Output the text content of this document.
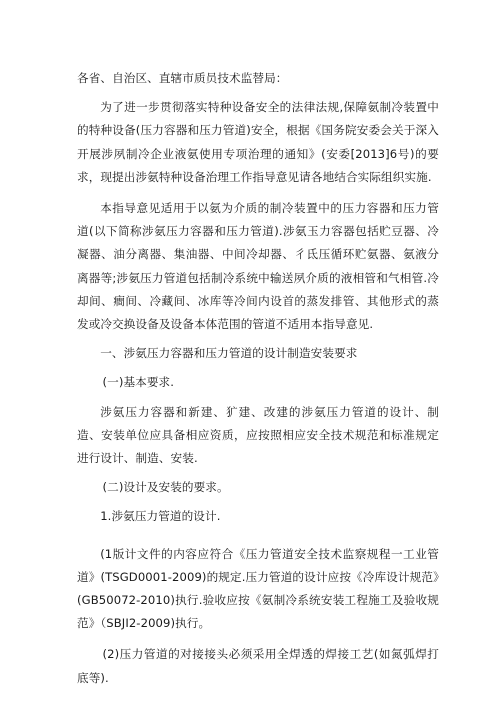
各省、自治区、直辖市质员技术监替局：

为了进一步贯彻落实特种设备安全的法律法规,保障氨制冷装置中的特种设备(压力容器和压力管道)安全，根据《国务院安委会关于深入开展涉夙制冷企业液氨使用专项治理的通知》(安委[2013]6号)的要求，现提出涉氨特种设备治理工作指导意见请各地结合实际组织实施.

本指导意见适用于以氨为介质的制冷装置中的压力容器和压力管道(以下简称涉氨压力容器和压力管道).涉氨玉力容器包括贮豆器、冷凝器、油分离器、集油器、中间冷却器、彳氐压循环贮氨器、氨液分离器等;涉氨压力管道包括制冷系统中输送夙介质的液相管和气相管.冷却间、癎间、冷藏间、冰库等冷间内设首的蒸发排管、其他形式的蒸发或冷交换设备及设备本体范围的管道不适用本指导意见.

一、涉氨压力容器和压力管道的设计制造安装要求

(一)基本要求.

涉氨压力容器和新建、犷建、改建的涉氨压力管道的设计、制造、安装单位应具备相应资质，应按照相应安全技术规范和标准规定进行设计、制造、安装.

(二)设计及安装的要求。

1.涉氨压力管道的设计.

(1版计文件的内容应符合《压力管道安全技术监察规程一工业管道》(TSGD0001-2009)的规定.压力管道的设计应按《冷库设计规范》(GB50072-2010)执行.验收应按《氨制冷系统安装工程施工及验收规范》（SBJI2-2009)执行。

(2)压力管道的对接接头必须采用全焊透的焊接工艺(如氮弧焊打底等).
